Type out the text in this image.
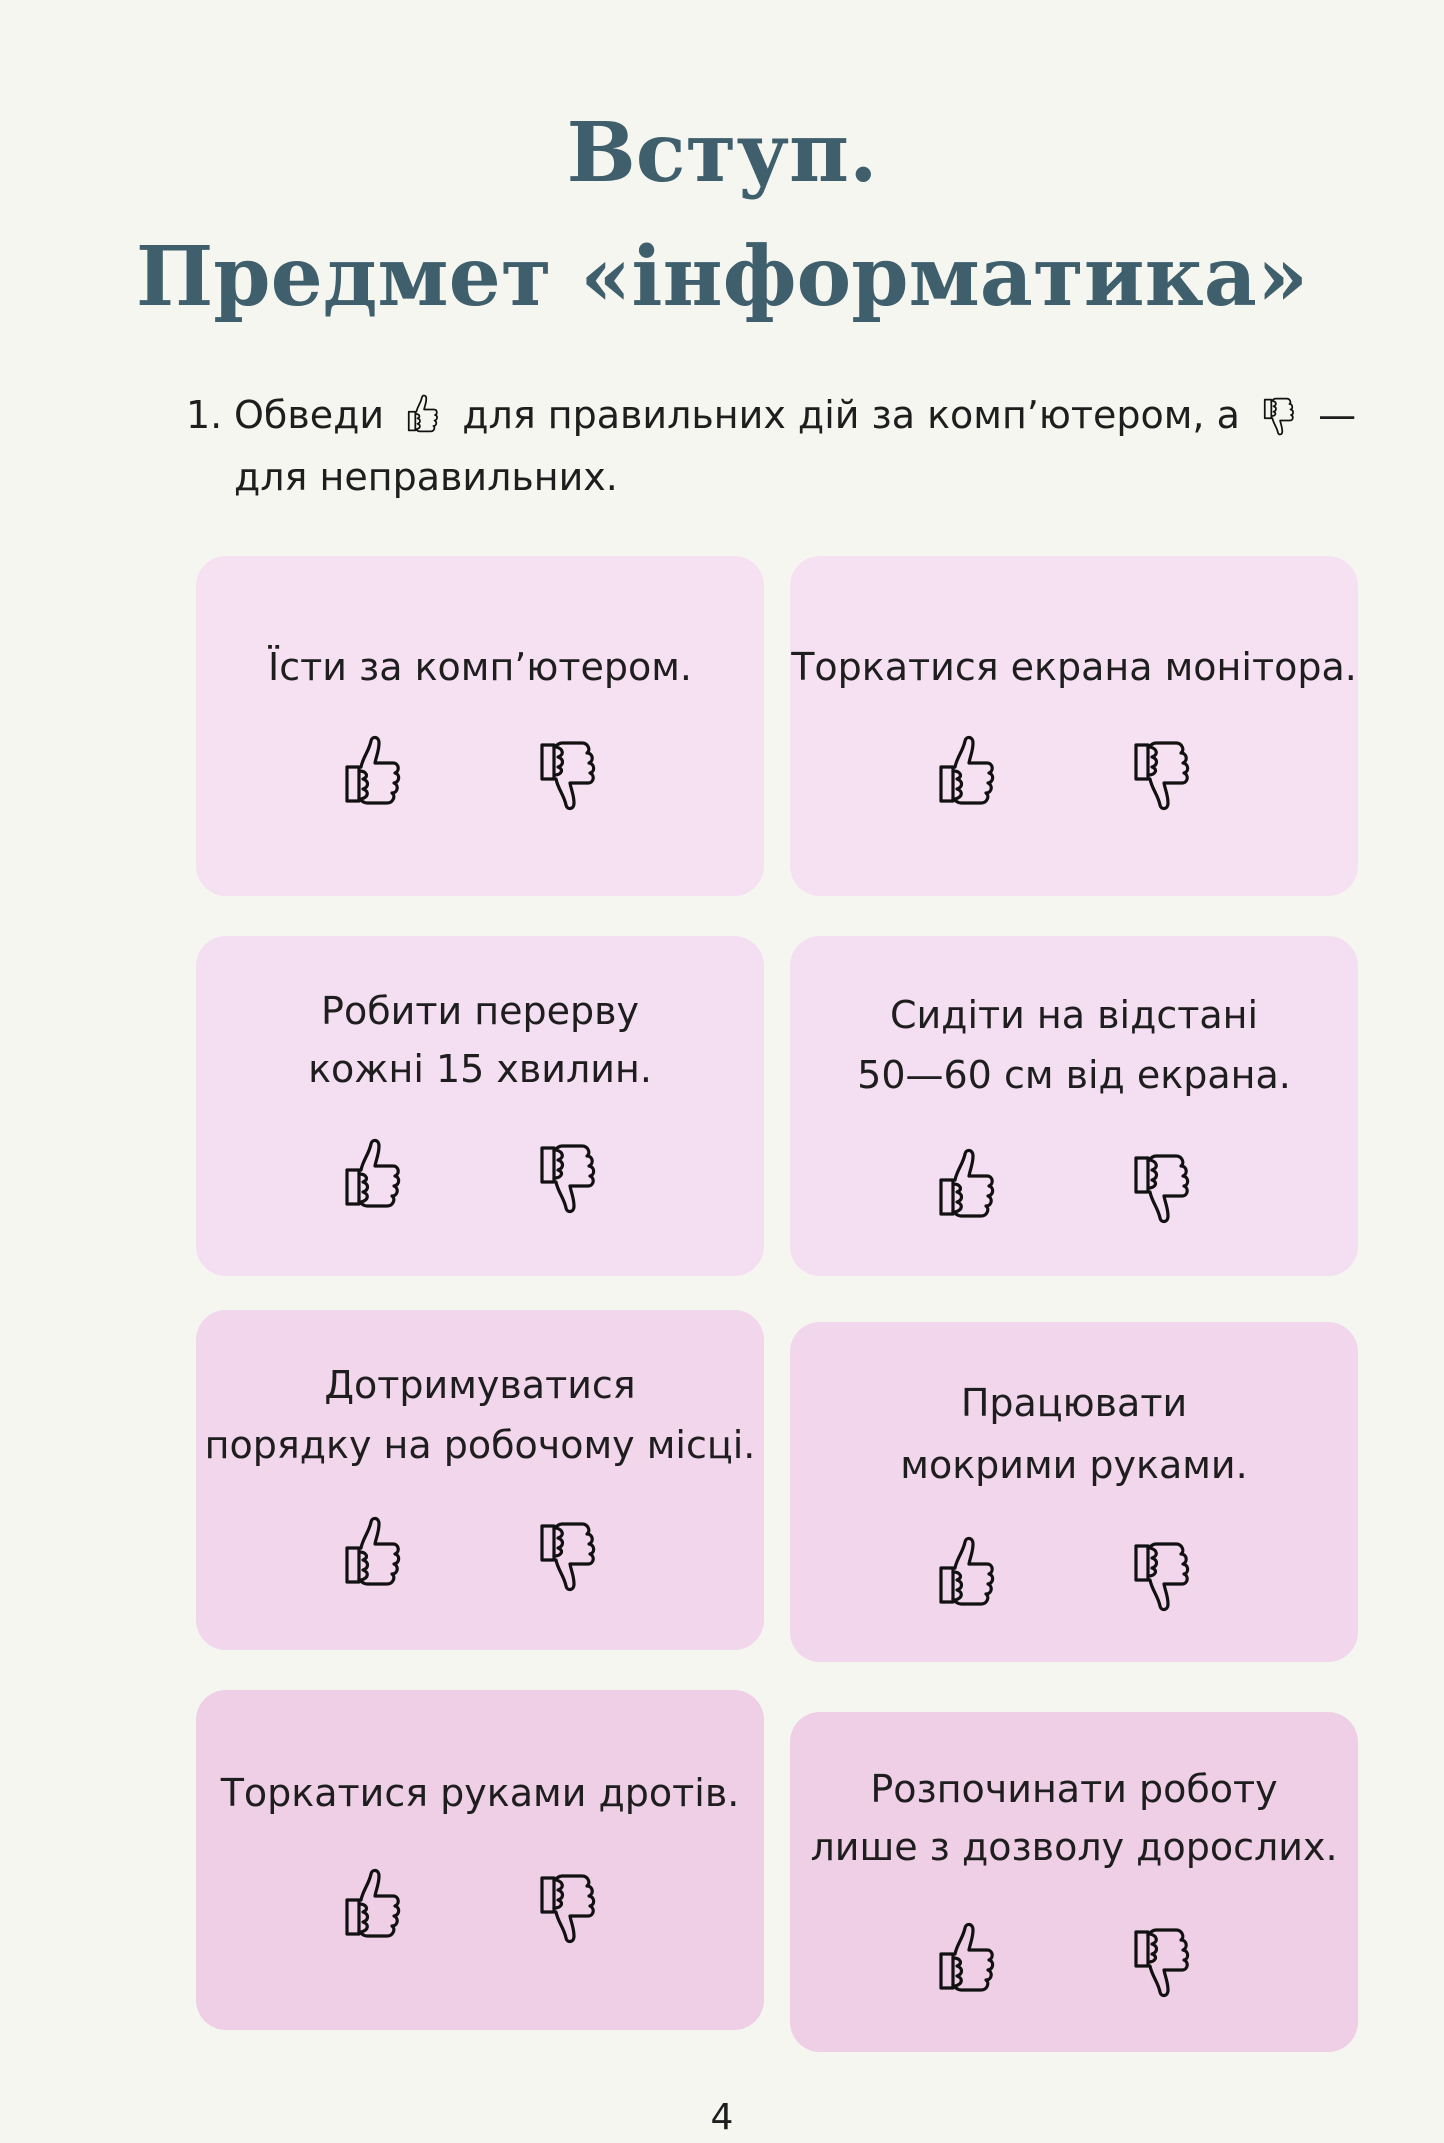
Вступ.
Предмет «інформатика»
1. Обведи для правильних дій за комп’ютером, а —
для неправильних.
Їсти за комп’ютером.	Торкатися екрана монітора.
Робити перерву
кожні 15 хвилин.
Сидіти на відстані
50—60 см від екрана.
Дотримуватися
порядку на робочому місці.
Працювати
мокрими руками.
Торкатися руками дротів.	Розпочинати роботу
лише з дозволу дорослих.
4
